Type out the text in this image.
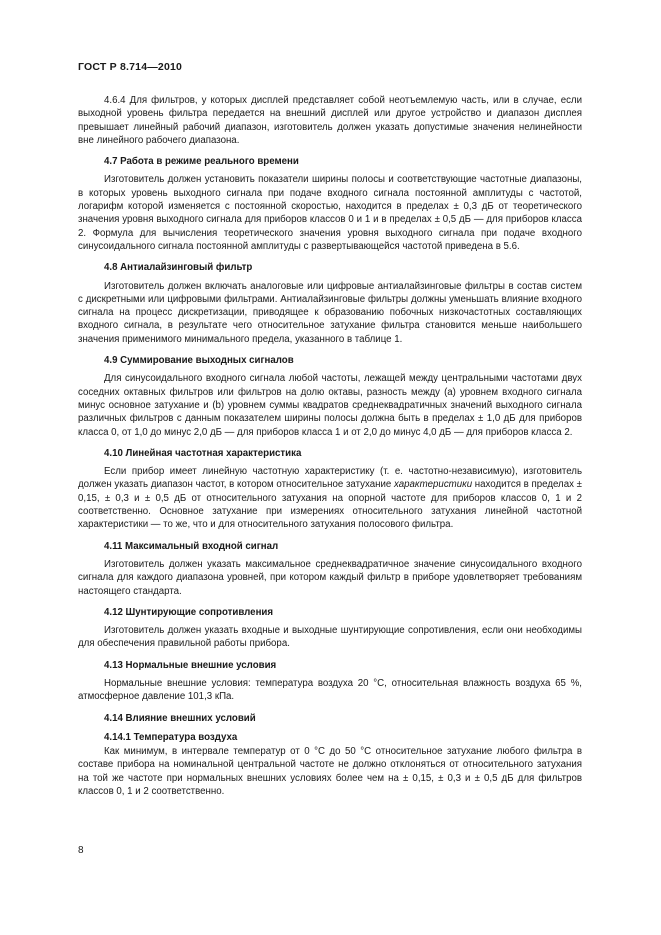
ГОСТ Р 8.714—2010

4.6.4 Для фильтров, у которых дисплей представляет собой неотъемлемую часть, или в случае, если выходной уровень фильтра передается на внешний дисплей или другое устройство и диапазон дисплея превышает линейный рабочий диапазон, изготовитель должен указать допустимые значения нелинейности вне линейного рабочего диапазона.

4.7 Работа в режиме реального времени

Изготовитель должен установить показатели ширины полосы и соответствующие частотные диапазоны, в которых уровень выходного сигнала при подаче входного сигнала постоянной амплитуды с частотой, логарифм которой изменяется с постоянной скоростью, находится в пределах ± 0,3 дБ от теоретического значения уровня выходного сигнала для приборов классов 0 и 1 и в пределах ± 0,5 дБ — для приборов класса 2. Формула для вычисления теоретического значения уровня выходного сигнала при подаче входного синусоидального сигнала постоянной амплитуды с развертывающейся частотой приведена в 5.6.

4.8 Антиалайзинговый фильтр

Изготовитель должен включать аналоговые или цифровые антиалайзинговые фильтры в состав систем с дискретными или цифровыми фильтрами. Антиалайзинговые фильтры должны уменьшать влияние входного сигнала на процесс дискретизации, приводящее к образованию побочных низкочастотных составляющих входного сигнала, в результате чего относительное затухание фильтра становится меньше наибольшего значения применимого минимального предела, указанного в таблице 1.

4.9 Суммирование выходных сигналов

Для синусоидального входного сигнала любой частоты, лежащей между центральными частотами двух соседних октавных фильтров или фильтров на долю октавы, разность между (а) уровнем входного сигнала минус основное затухание и (b) уровнем суммы квадратов среднеквадратичных значений выходного сигнала различных фильтров с данным показателем ширины полосы должна быть в пределах ± 1,0 дБ для приборов класса 0, от 1,0 до минус 2,0 дБ — для приборов класса 1 и от 2,0 до минус 4,0 дБ — для приборов класса 2.

4.10 Линейная частотная характеристика

Если прибор имеет линейную частотную характеристику (т. е. частотно-независимую), изготовитель должен указать диапазон частот, в котором относительное затухание характеристики находится в пределах ± 0,15, ± 0,3 и ± 0,5 дБ от относительного затухания на опорной частоте для приборов классов 0, 1 и 2 соответственно. Основное затухание при измерениях относительного затухания линейной частотной характеристики — то же, что и для относительного затухания полосового фильтра.

4.11 Максимальный входной сигнал

Изготовитель должен указать максимальное среднеквадратичное значение синусоидального входного сигнала для каждого диапазона уровней, при котором каждый фильтр в приборе удовлетворяет требованиям настоящего стандарта.

4.12 Шунтирующие сопротивления

Изготовитель должен указать входные и выходные шунтирующие сопротивления, если они необходимы для обеспечения правильной работы прибора.

4.13 Нормальные внешние условия

Нормальные внешние условия: температура воздуха 20 °С, относительная влажность воздуха 65 %, атмосферное давление 101,3 кПа.

4.14 Влияние внешних условий

4.14.1 Температура воздуха

Как минимум, в интервале температур от 0 °С до 50 °С относительное затухание любого фильтра в составе прибора на номинальной центральной частоте не должно отклоняться от относительного затухания на той же частоте при нормальных внешних условиях более чем на ± 0,15, ± 0,3 и ± 0,5 дБ для фильтров классов 0, 1 и 2 соответственно.

8
